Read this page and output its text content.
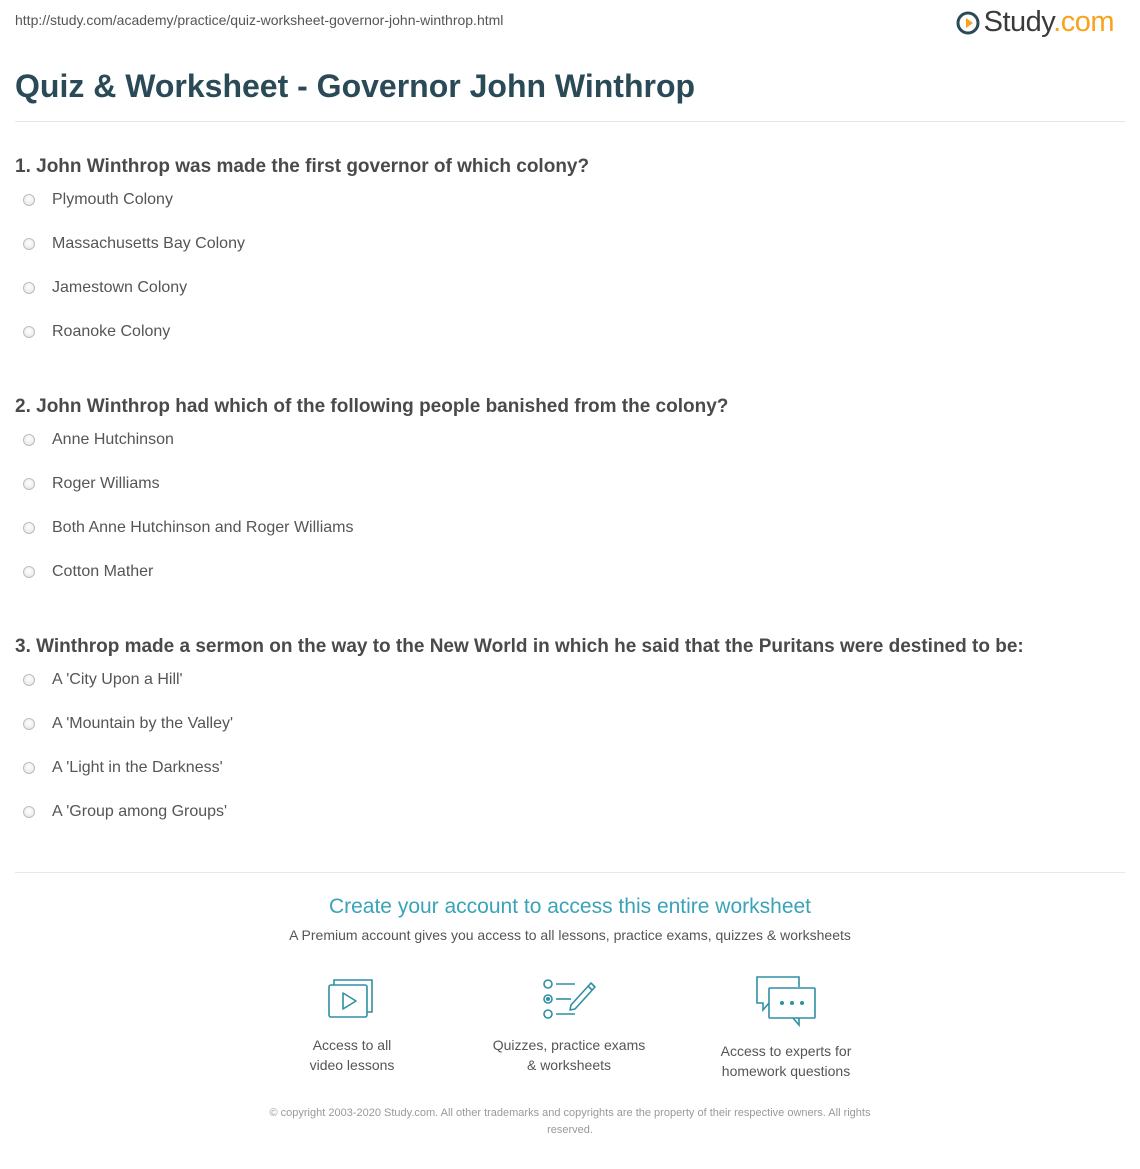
http://study.com/academy/practice/quiz-worksheet-governor-john-winthrop.html	Study.com
Quiz & Worksheet - Governor John Winthrop

1. John Winthrop was made the first governor of which colony?

Plymouth Colony
Massachusetts Bay Colony
Jamestown Colony
Roanoke Colony

2. John Winthrop had which of the following people banished from the colony?

Anne Hutchinson
Roger Williams
Both Anne Hutchinson and Roger Williams
Cotton Mather

3. Winthrop made a sermon on the way to the New World in which he said that the Puritans were destined to be:

A 'City Upon a Hill'
A 'Mountain by the Valley'
A 'Light in the Darkness'
A 'Group among Groups'
Create your account to access this entire worksheet
A Premium account gives you access to all lessons, practice exams, quizzes & worksheets
Access to all
video lessons
Quizzes, practice exams
& worksheets
Access to experts for
homework questions
© copyright 2003-2020 Study.com. All other trademarks and copyrights are the property of their respective owners. All rights
reserved.
